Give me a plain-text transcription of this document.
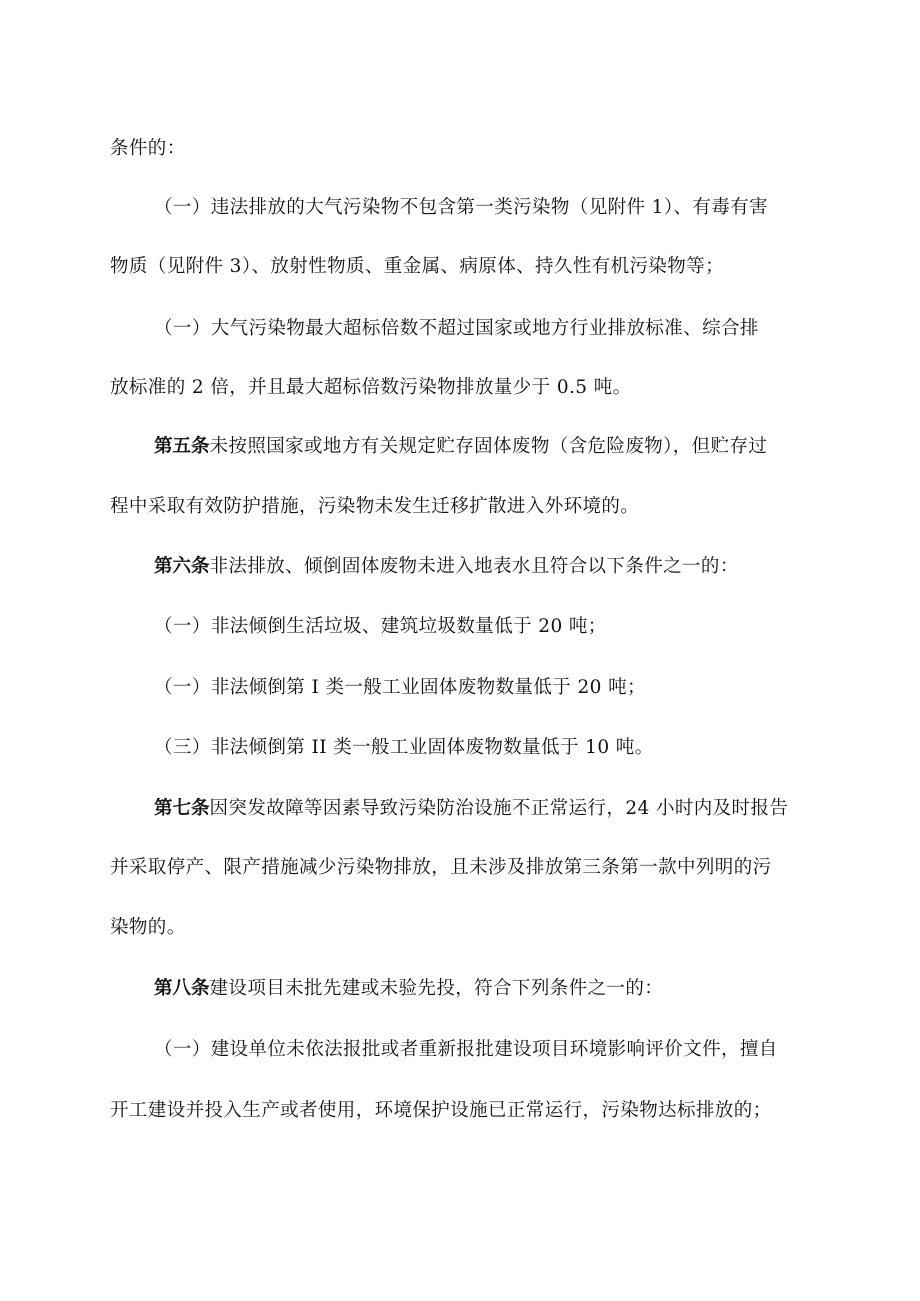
条件的：
（一）违法排放的大气污染物不包含第一类污染物（见附件 1）、有毒有害
物质（见附件 3）、放射性物质、重金属、病原体、持久性有机污染物等；
（一）大气污染物最大超标倍数不超过国家或地方行业排放标准、综合排
放标准的 2 倍，并且最大超标倍数污染物排放量少于 0.5 吨。
第五条未按照国家或地方有关规定贮存固体废物（含危险废物），但贮存过
程中采取有效防护措施，污染物未发生迁移扩散进入外环境的。
第六条非法排放、倾倒固体废物未进入地表水且符合以下条件之一的：
（一）非法倾倒生活垃圾、建筑垃圾数量低于 20 吨；
（一）非法倾倒第 I 类一般工业固体废物数量低于 20 吨；
（三）非法倾倒第 II 类一般工业固体废物数量低于 10 吨。
第七条因突发故障等因素导致污染防治设施不正常运行，24 小时内及时报告
并采取停产、限产措施减少污染物排放，且未涉及排放第三条第一款中列明的污
染物的。
第八条建设项目未批先建或未验先投，符合下列条件之一的：
（一）建设单位未依法报批或者重新报批建设项目环境影响评价文件，擅自
开工建设并投入生产或者使用，环境保护设施已正常运行，污染物达标排放的；
